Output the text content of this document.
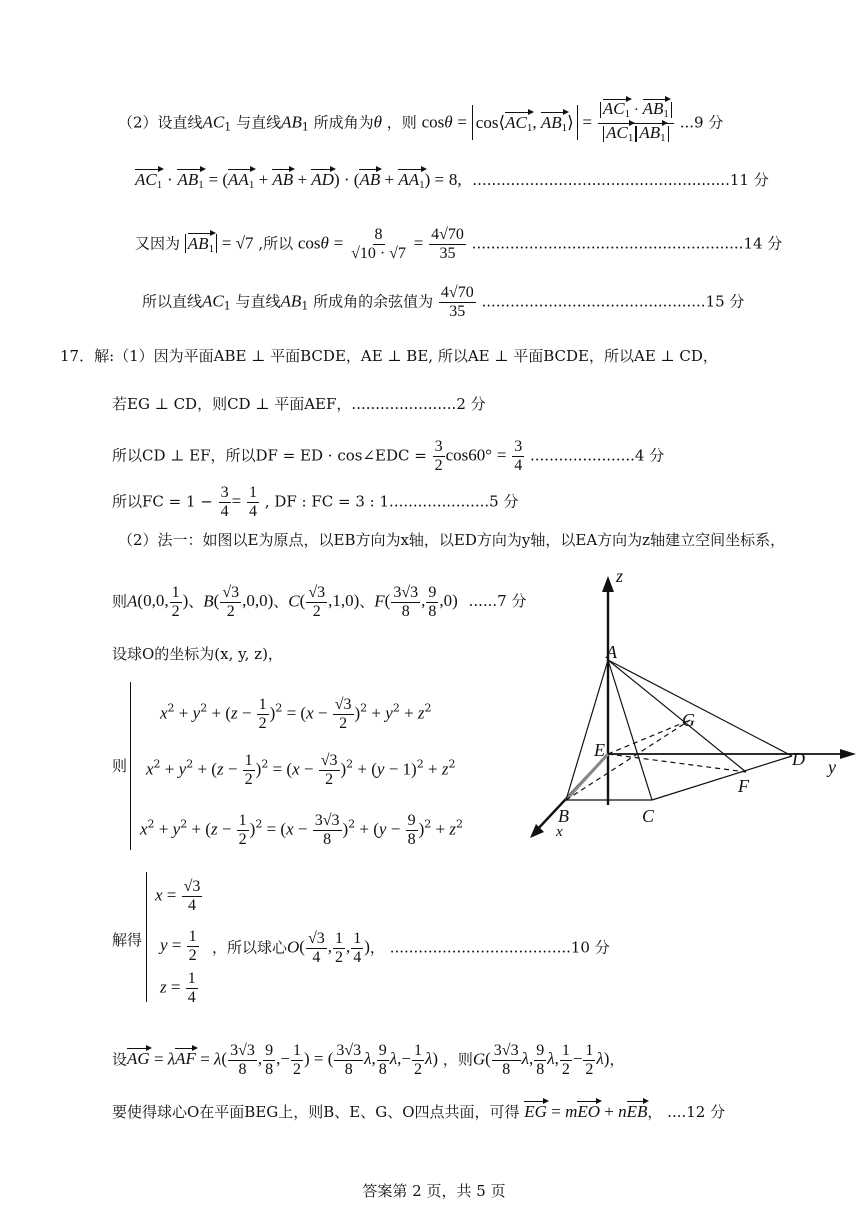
（2）设直线$AC_1$ 与直线$AB_1$ 所成角为θ ，则 cosθ = cos⟨AC1, AB1⟩ = $\frac{AC1 \cdot AB1}{AC1 AB1} ...9$ 分
AC1 · AB1 = (AA1 + AB + AD) · (AB + AA1) = 8, ......................................................11 分
又因为 AB1 = √7 ,所以 $\cos\theta = \frac{8}{√10 \cdot √7} = \frac{4√70}{35} .........................................................14$ 分
所以直线$AC_1$ 与直线$AB_1$ 所成角的余弦值为 $\frac{4√70}{35} ...............................................15$ 分
17．解:（1）因为平面ABE ⊥ 平面BCDE，AE ⊥ BE, 所以AE ⊥ 平面BCDE，所以AE ⊥ CD，
若EG ⊥ CD，则CD ⊥ 平面AEF，......................2 分
所以CD ⊥ EF，所以DF = ED · cos∠EDC = $\frac{3}{2} \cos 60^\circ = \frac{3}{4} ......................4$ 分
所以FC = $1 - \frac{3}{4} = \frac{1}{4}$ , DF : FC = 3 : 1.....................5 分
（2）法一：如图以E为原点，以EB方向为x轴，以ED方向为y轴，以EA方向为z轴建立空间坐标系，
则A(0,0, $\frac{1}{2}$ )、$B( \frac{√3}{2} ,0,0)$、$C( \frac{√3}{2} ,1,0)$、$F( \frac{3√3}{8}$ , $\frac{9}{8} ,0$) ......7 分
设球O的坐标为(x, y, z)，
则
$x^2 + y^2 + (z - \frac{1}{2} )^2 = (x - \frac{√3}{2} )^2 + y^2 + z^2$
$x^2 + y^2 + (z - \frac{1}{2} )^2 = (x - \frac{√3}{2} )^2 + (y - 1)^2 + z^2$
$x^2 + y^2 + (z - \frac{1}{2} )^2 = (x - \frac{3√3}{8} )^2 + (y - \frac{9}{8} )^2 + z^2$
解得
$x = \frac{√3}{4}$
$y = \frac{1}{2}$
$z = \frac{1}{4}$
，所以球心$O( \frac{√3}{4}$ , $\frac{1}{2}$ , $\frac{1}{4}$ )， ......................................10 分
设AG = $\lambda AF = \lambda( \frac{3√3}{8}$ , $\frac{9}{8}$ ,− $\frac{1}{2}$ ) = ( $\frac{3√3}{8} \lambda$, $\frac{9}{8} \lambda,- \frac{1}{2} \lambda$) ，则$G( \frac{3√3}{8} \lambda$, $\frac{9}{8} \lambda$, $\frac{1}{2} - \frac{1}{2} \lambda$)，
要使得球心O在平面BEG上，则B、E、G、O四点共面，可得 EG = mEO + nEB， ....12 分
z
A
G
E	D y
F
B	C
x
答案第 2 页，共 5 页
